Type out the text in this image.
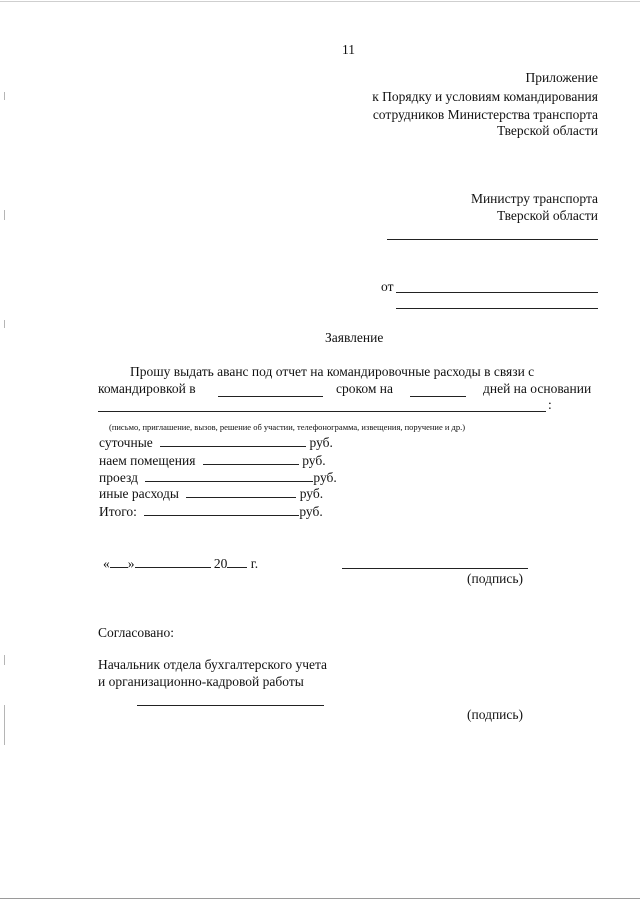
11
Приложение
к Порядку и условиям командирования
сотрудников Министерства транспорта
Тверской области
Министру транспорта
Тверской области
от
Заявление
Прошу выдать аванс под отчет на командировочные расходы в связи с
командировкой в	сроком на	дней на основании
:
(письмо, приглашение, вызов, решение об участии, телефонограмма, извещения, поручение и др.)
суточные	руб.
наем помещения	руб.
проезд	руб.
иные расходы	руб.
Итого:	руб.
« »	20 г.
(подпись)
Согласовано:
Начальник отдела бухгалтерского учета
и организационно-кадровой работы
(подпись)
